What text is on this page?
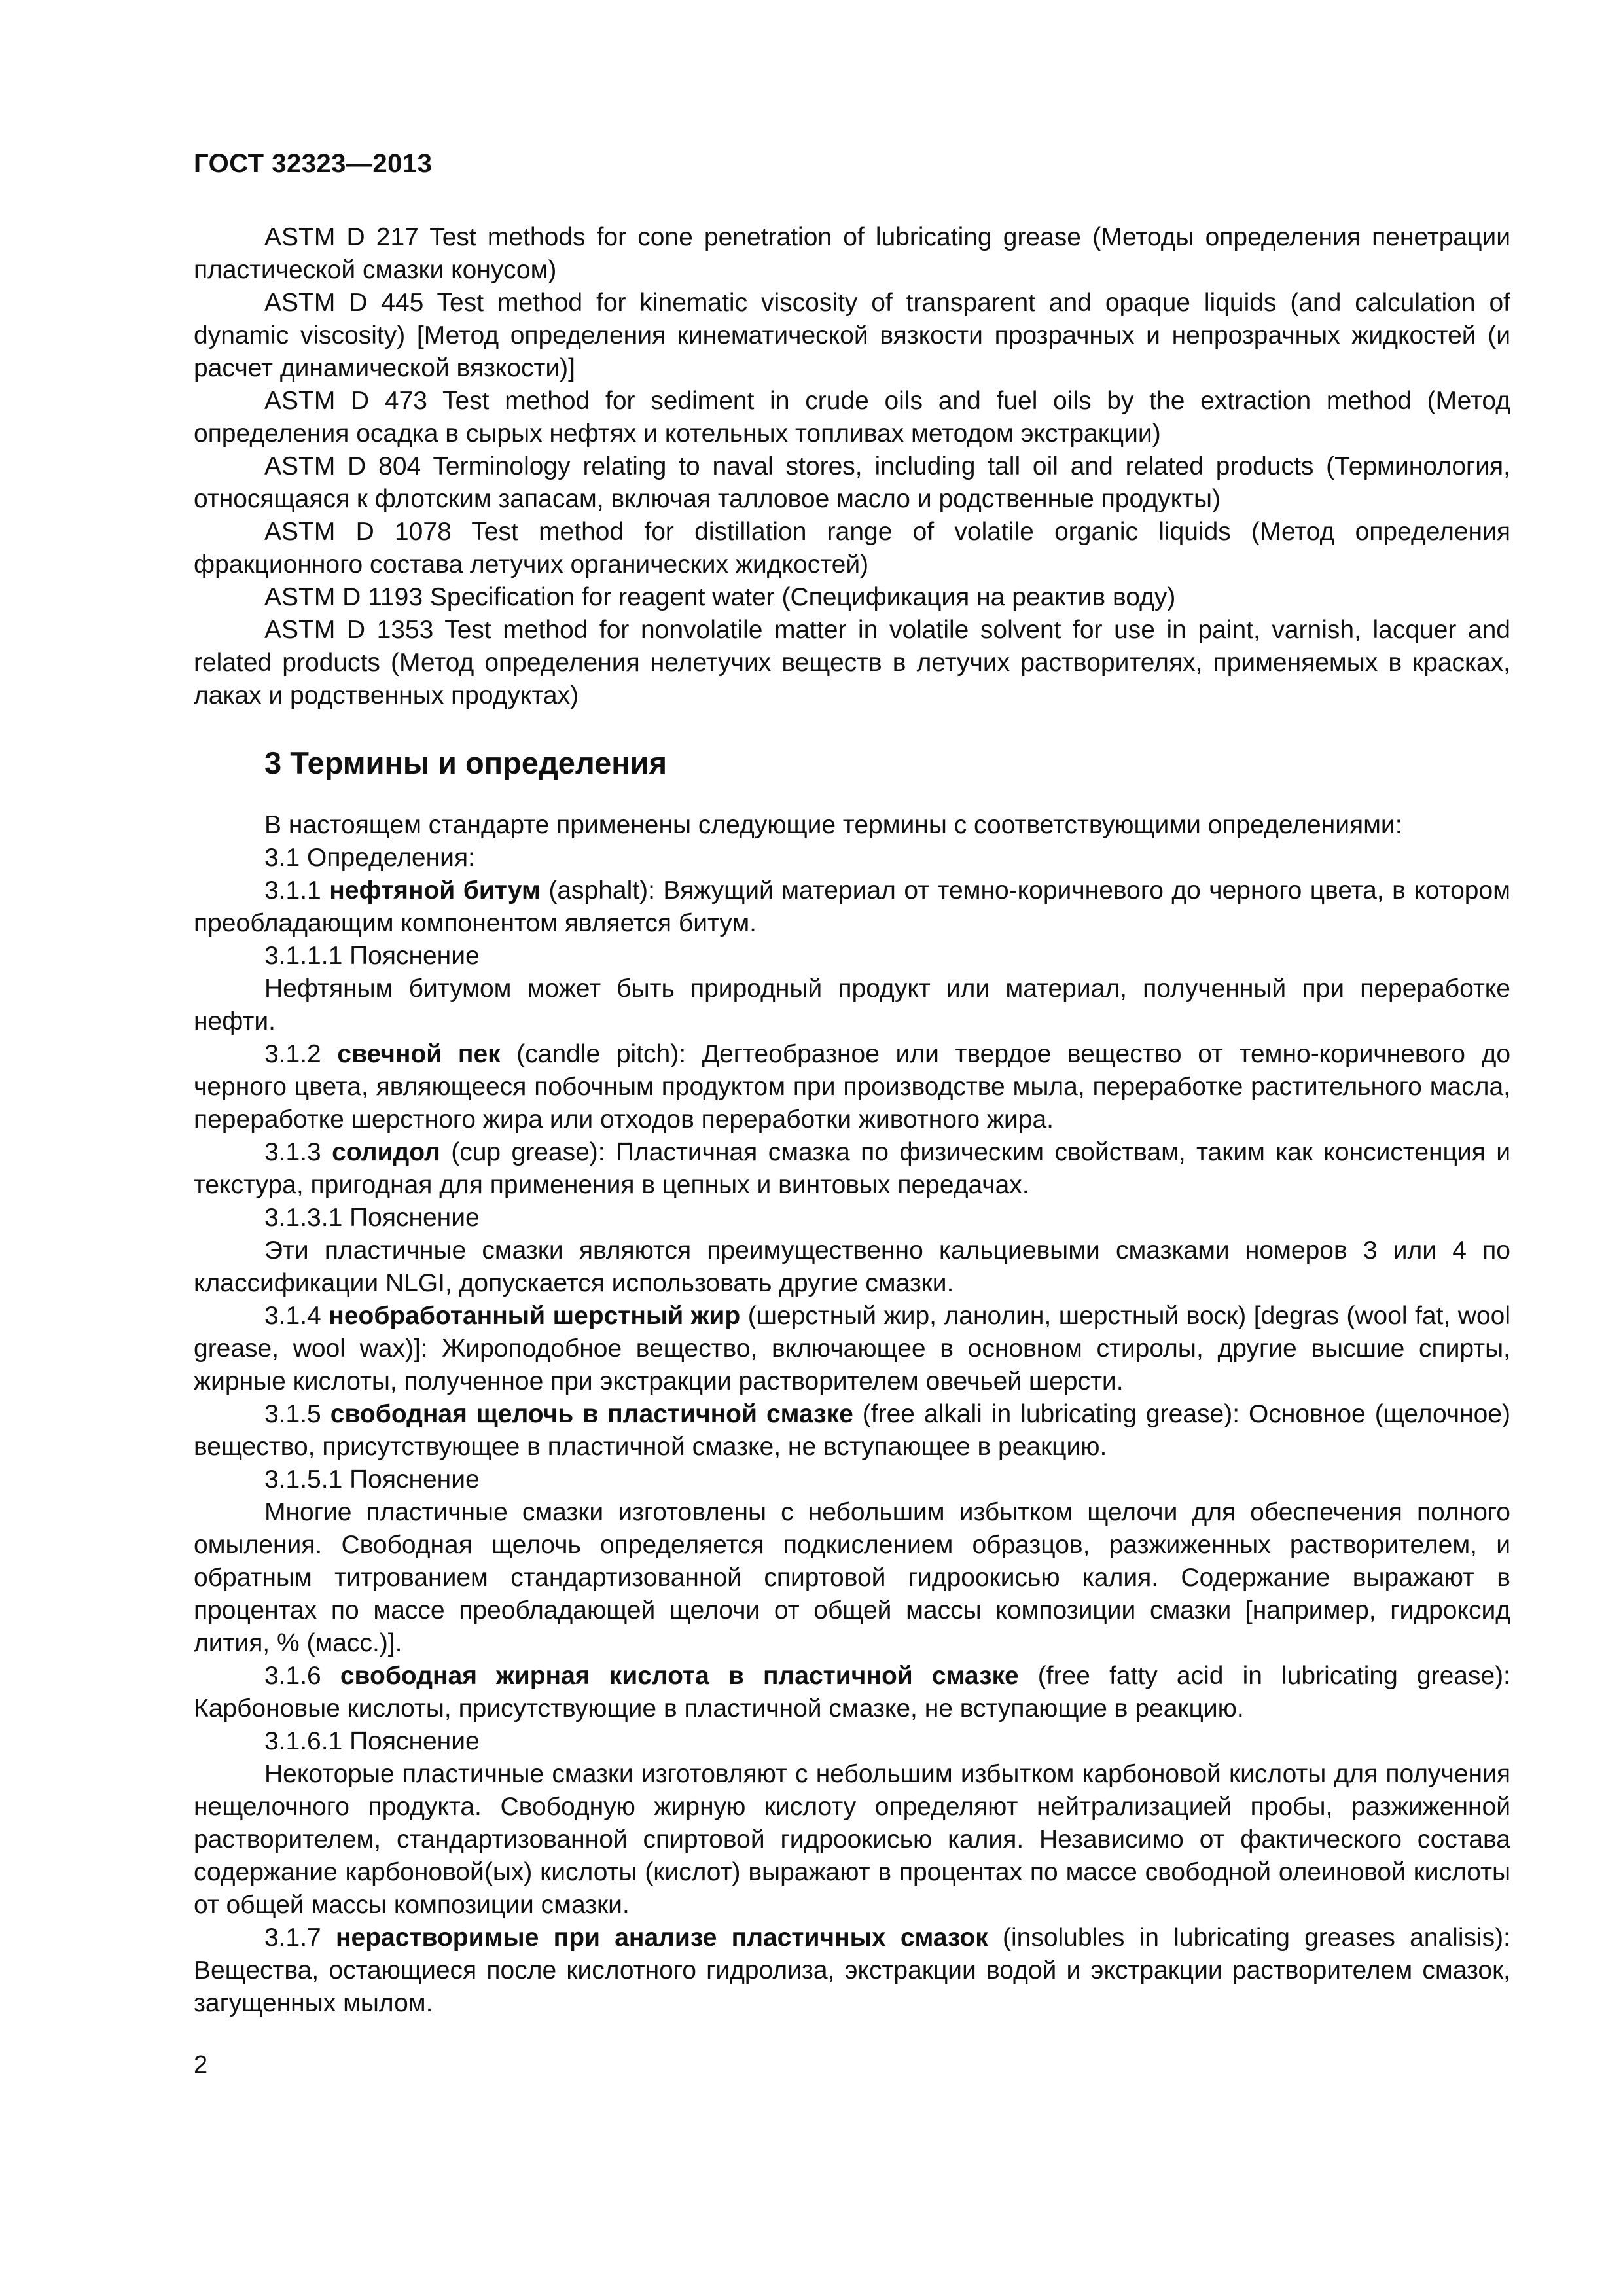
ГОСТ 32323—2013

ASTM D 217 Test methods for cone penetration of lubricating grease (Методы определения пенетрации пластической смазки конусом)

ASTM D 445 Test method for kinematic viscosity of transparent and opaque liquids (and calculation of dynamic viscosity) [Метод определения кинематической вязкости прозрачных и непрозрачных жидкостей (и расчет динамической вязкости)]

ASTM D 473 Test method for sediment in crude oils and fuel oils by the extraction method (Метод определения осадка в сырых нефтях и котельных топливах методом экстракции)

ASTM D 804 Terminology relating to naval stores, including tall oil and related products (Терминология, относящаяся к флотским запасам, включая талловое масло и родственные продукты)

ASTM D 1078 Test method for distillation range of volatile organic liquids (Метод определения фракционного состава летучих органических жидкостей)

ASTM D 1193 Specification for reagent water (Спецификация на реактив воду)

ASTM D 1353 Test method for nonvolatile matter in volatile solvent for use in paint, varnish, lacquer and related products (Метод определения нелетучих веществ в летучих растворителях, применяемых в красках, лаках и родственных продуктах)

3 Термины и определения

В настоящем стандарте применены следующие термины с соответствующими определениями:

3.1 Определения:

3.1.1 нефтяной битум (asphalt): Вяжущий материал от темно-коричневого до черного цвета, в котором преобладающим компонентом является битум.

3.1.1.1 Пояснение

Нефтяным битумом может быть природный продукт или материал, полученный при переработке нефти.

3.1.2 свечной пек (candle pitch): Дегтеобразное или твердое вещество от темно-коричневого до черного цвета, являющееся побочным продуктом при производстве мыла, переработке растительного масла, переработке шерстного жира или отходов переработки животного жира.

3.1.3 солидол (cup grease): Пластичная смазка по физическим свойствам, таким как консистенция и текстура, пригодная для применения в цепных и винтовых передачах.

3.1.3.1 Пояснение

Эти пластичные смазки являются преимущественно кальциевыми смазками номеров 3 или 4 по классификации NLGI, допускается использовать другие смазки.

3.1.4 необработанный шерстный жир (шерстный жир, ланолин, шерстный воск) [degras (wool fat, wool grease, wool wax)]: Жироподобное вещество, включающее в основном стиролы, другие высшие спирты, жирные кислоты, полученное при экстракции растворителем овечьей шерсти.

3.1.5 свободная щелочь в пластичной смазке (free alkali in lubricating grease): Основное (щелочное) вещество, присутствующее в пластичной смазке, не вступающее в реакцию.

3.1.5.1 Пояснение

Многие пластичные смазки изготовлены с небольшим избытком щелочи для обеспечения полного омыления. Свободная щелочь определяется подкислением образцов, разжиженных растворителем, и обратным титрованием стандартизованной спиртовой гидроокисью калия. Содержание выражают в процентах по массе преобладающей щелочи от общей массы композиции смазки [например, гидроксид лития, % (масс.)].

3.1.6 свободная жирная кислота в пластичной смазке (free fatty acid in lubricating grease): Карбоновые кислоты, присутствующие в пластичной смазке, не вступающие в реакцию.

3.1.6.1 Пояснение

Некоторые пластичные смазки изготовляют с небольшим избытком карбоновой кислоты для получения нещелочного продукта. Свободную жирную кислоту определяют нейтрализацией пробы, разжиженной растворителем, стандартизованной спиртовой гидроокисью калия. Независимо от фактического состава содержание карбоновой(ых) кислоты (кислот) выражают в процентах по массе свободной олеиновой кислоты от общей массы композиции смазки.

3.1.7 нерастворимые при анализе пластичных смазок (insolubles in lubricating greases analisis): Вещества, остающиеся после кислотного гидролиза, экстракции водой и экстракции растворителем смазок, загущенных мылом.

2
